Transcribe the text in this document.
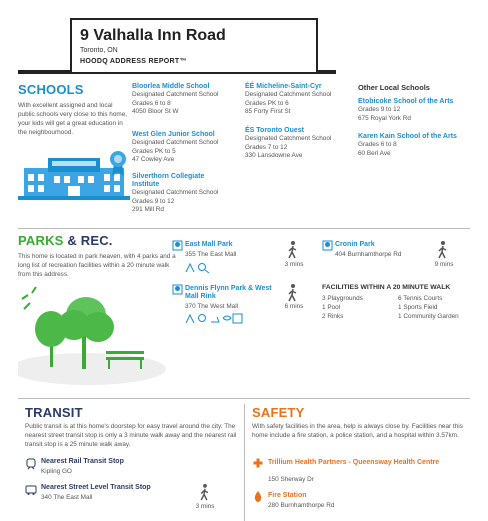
9 Valhalla Inn Road
Toronto, ON
HOODQ ADDRESS REPORT™
SCHOOLS
With excellent assigned and local public schools very close to this home, your kids will get a great education in the neighbourhood.
Bloorlea Middle School
Designated Catchment School
Grades 6 to 8
4050 Bloor St W
West Glen Junior School
Designated Catchment School
Grades PK to 5
47 Cowley Ave
Silverthorn Collegiate Institute
Designated Catchment School
Grades 9 to 12
291 Mill Rd
ÉÉ Micheline-Saint-Cyr
Designated Catchment School
Grades PK to 6
85 Forty First St
ÉS Toronto Ouest
Designated Catchment School
Grades 7 to 12
330 Lansdowne Ave
Other Local Schools
Etobicoke School of the Arts
Grades 9 to 12
675 Royal York Rd
Karen Kain School of the Arts
Grades 6 to 8
60 Berl Ave
PARKS & REC.
This home is located in park heaven, with 4 parks and a long list of recreation facilities within a 20 minute walk from this address.
East Mall Park
355 The East Mall
3 mins
Dennis Flynn Park & West Mall Rink
370 The West Mall	6 mins
Cronin Park
404 Burnhamthorpe Rd
9 mins
FACILITIES WITHIN A 20 MINUTE WALK
3 Playgrounds
1 Pool
2 Rinks
6 Tennis Courts
1 Sports Field
1 Community Garden
TRANSIT
Public transit is at this home's doorstep for easy travel around the city. The nearest street transit stop is only a 3 minute walk away and the nearest rail transit stop is a 25 minute walk away.
Nearest Rail Transit Stop
Kipling GO
Nearest Street Level Transit Stop
340 The East Mall
3 mins
SAFETY
With safety facilities in the area, help is always close by. Facilities near this home include a fire station, a police station, and a hospital within 3.57km.
Trillium Health Partners - Queensway Health Centre
150 Sherway Dr
Fire Station
280 Burnhamthorpe Rd
